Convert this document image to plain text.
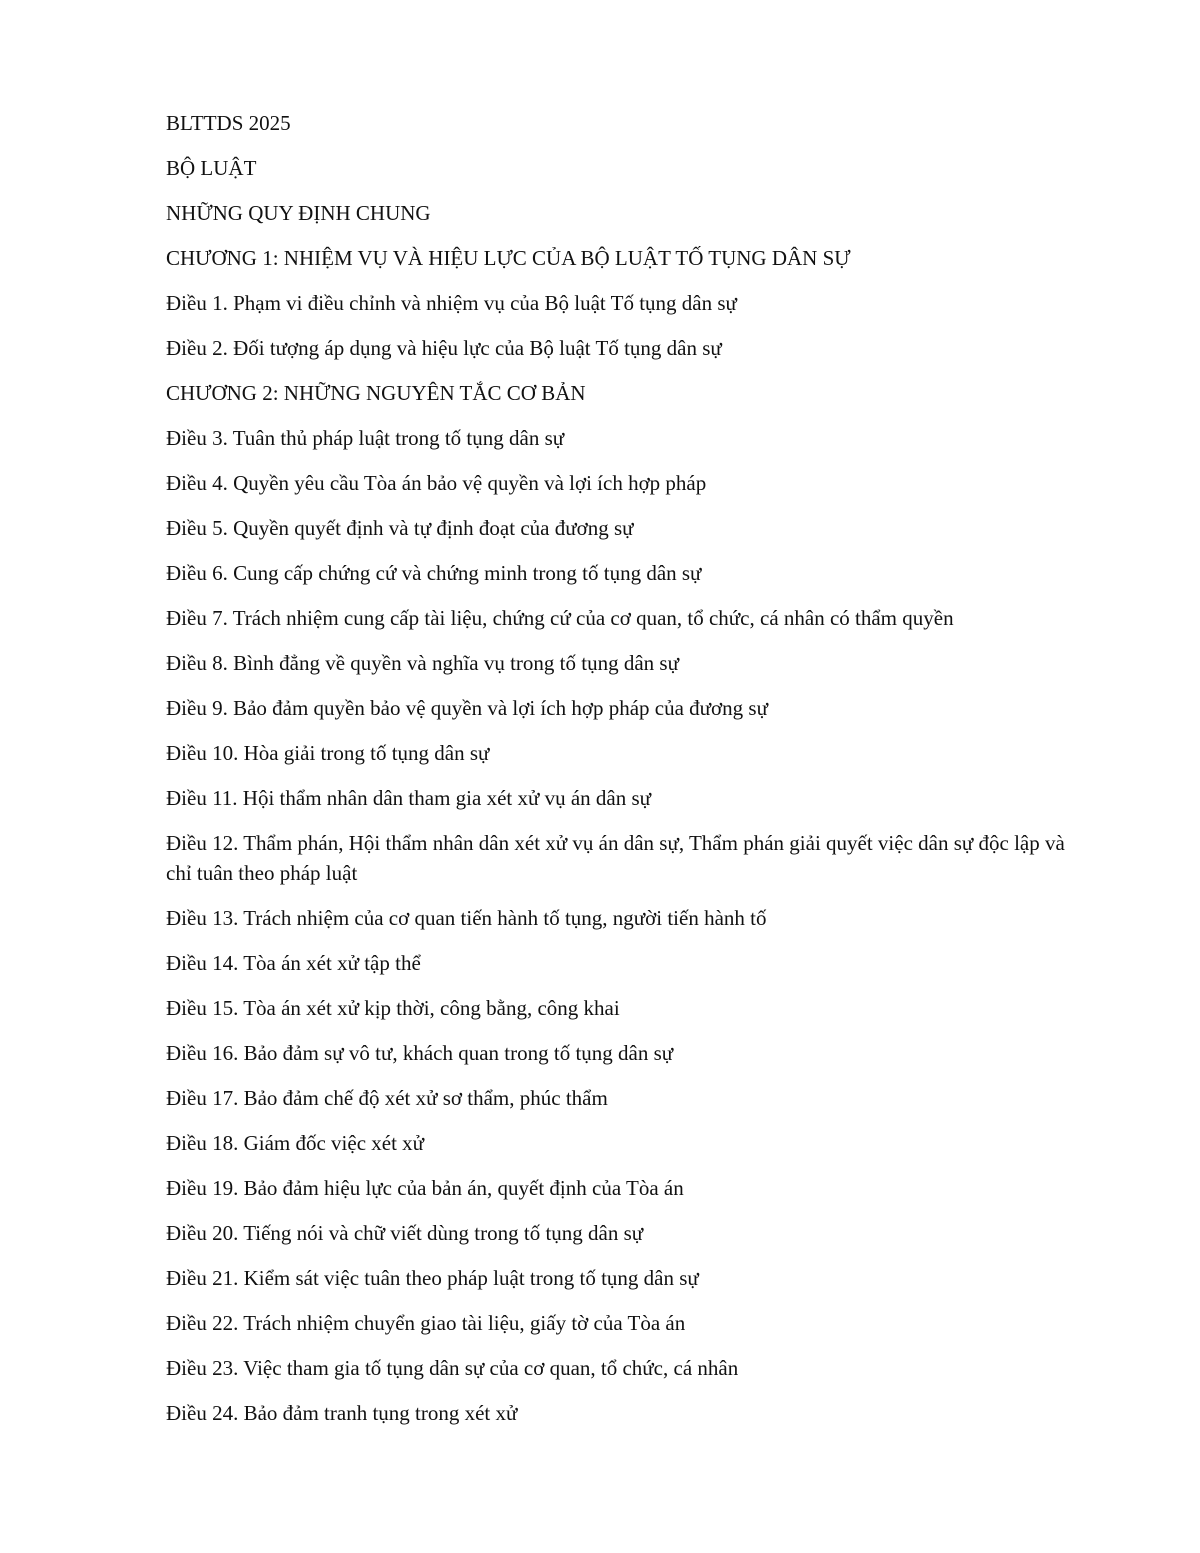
BLTTDS 2025
BỘ LUẬT
NHỮNG QUY ĐỊNH CHUNG
CHƯƠNG 1: NHIỆM VỤ VÀ HIỆU LỰC CỦA BỘ LUẬT TỐ TỤNG DÂN SỰ
Điều 1. Phạm vi điều chỉnh và nhiệm vụ của Bộ luật Tố tụng dân sự
Điều 2. Đối tượng áp dụng và hiệu lực của Bộ luật Tố tụng dân sự
CHƯƠNG 2: NHỮNG NGUYÊN TẮC CƠ BẢN
Điều 3. Tuân thủ pháp luật trong tố tụng dân sự
Điều 4. Quyền yêu cầu Tòa án bảo vệ quyền và lợi ích hợp pháp
Điều 5. Quyền quyết định và tự định đoạt của đương sự
Điều 6. Cung cấp chứng cứ và chứng minh trong tố tụng dân sự
Điều 7. Trách nhiệm cung cấp tài liệu, chứng cứ của cơ quan, tổ chức, cá nhân có thẩm quyền
Điều 8. Bình đẳng về quyền và nghĩa vụ trong tố tụng dân sự
Điều 9. Bảo đảm quyền bảo vệ quyền và lợi ích hợp pháp của đương sự
Điều 10. Hòa giải trong tố tụng dân sự
Điều 11. Hội thẩm nhân dân tham gia xét xử vụ án dân sự
Điều 12. Thẩm phán, Hội thẩm nhân dân xét xử vụ án dân sự, Thẩm phán giải quyết việc dân sự độc lập và chỉ tuân theo pháp luật
Điều 13. Trách nhiệm của cơ quan tiến hành tố tụng, người tiến hành tố
Điều 14. Tòa án xét xử tập thể
Điều 15. Tòa án xét xử kịp thời, công bằng, công khai
Điều 16. Bảo đảm sự vô tư, khách quan trong tố tụng dân sự
Điều 17. Bảo đảm chế độ xét xử sơ thẩm, phúc thẩm
Điều 18. Giám đốc việc xét xử
Điều 19. Bảo đảm hiệu lực của bản án, quyết định của Tòa án
Điều 20. Tiếng nói và chữ viết dùng trong tố tụng dân sự
Điều 21. Kiểm sát việc tuân theo pháp luật trong tố tụng dân sự
Điều 22. Trách nhiệm chuyển giao tài liệu, giấy tờ của Tòa án
Điều 23. Việc tham gia tố tụng dân sự của cơ quan, tổ chức, cá nhân
Điều 24. Bảo đảm tranh tụng trong xét xử
